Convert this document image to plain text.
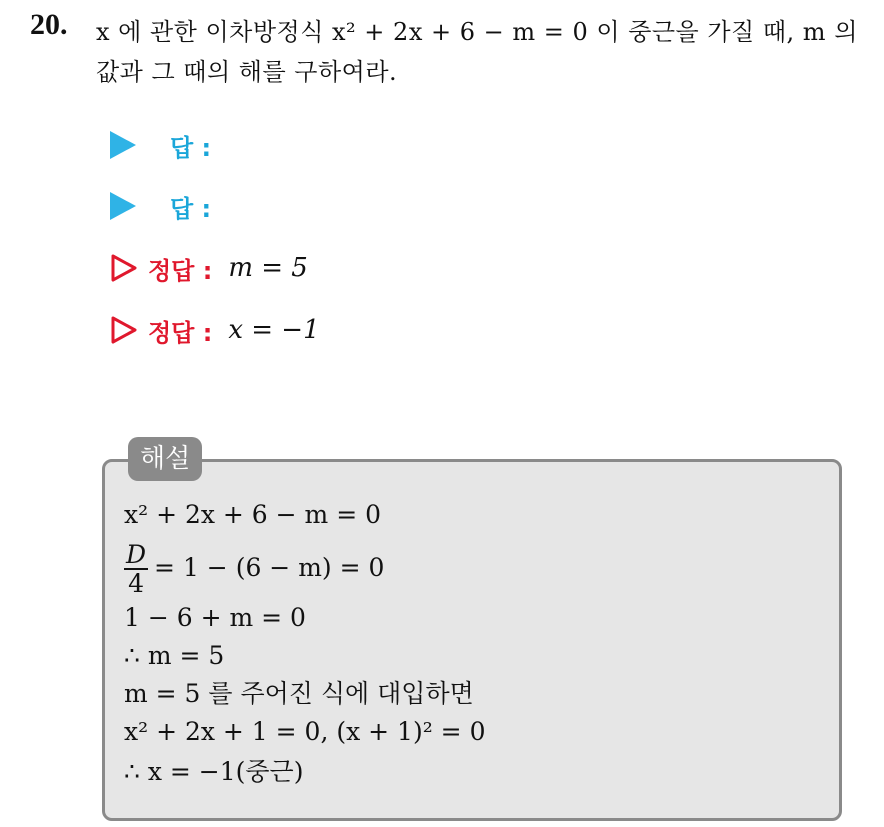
20. x 에 관한 이차방정식 x² + 2x + 6 − m = 0 이 중근을 가질 때, m 의
값과 그 때의 해를 구하여라.
답 :
답 :
정답 : m = 5
정답 : x = −1
해설
x² + 2x + 6 − m = 0
$\frac{D}{4} = 1 - (6 - m) = 0$
1 − 6 + m = 0
∴ m = 5
m = 5 를 주어진 식에 대입하면
x² + 2x + 1 = 0, (x + 1)² = 0
∴ x = −1(중근)
